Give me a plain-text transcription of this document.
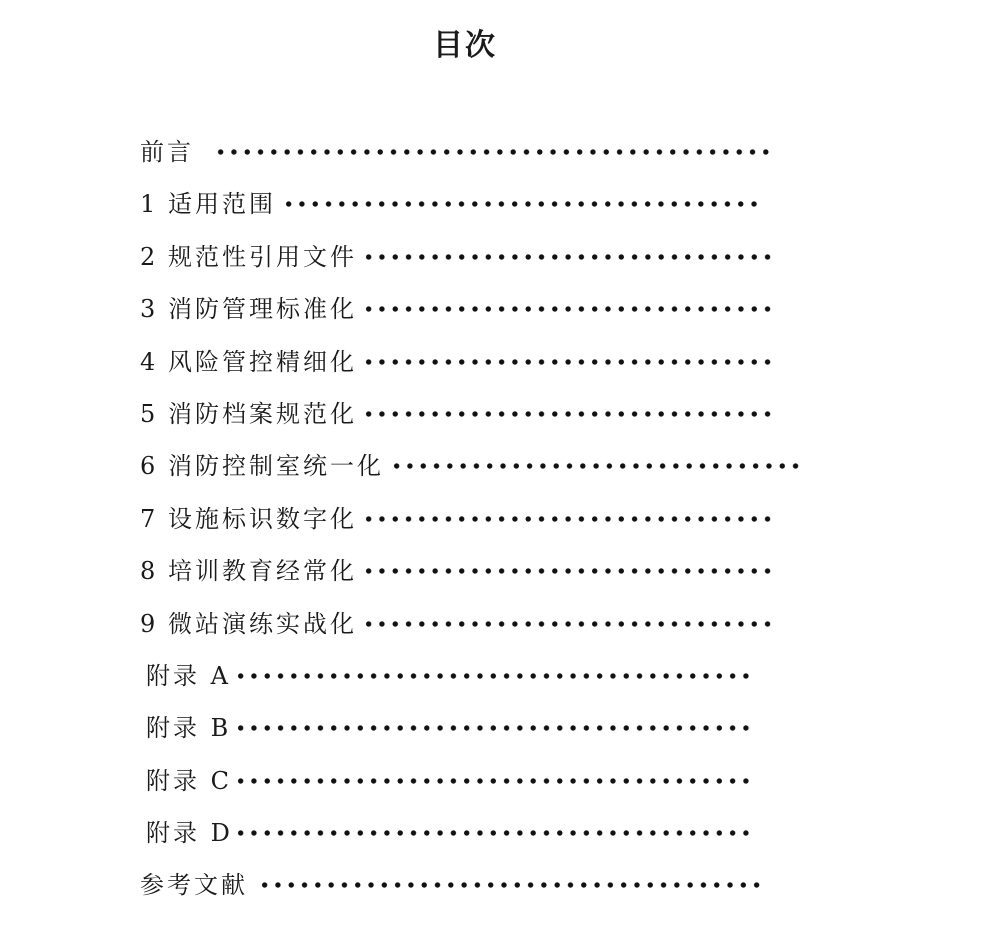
目次
前言
1 适用范围
2 规范性引用文件
3 消防管理标准化
4 风险管控精细化
5 消防档案规范化
6 消防控制室统一化
7 设施标识数字化
8 培训教育经常化
9 微站演练实战化
附录 A
附录 B
附录 C
附录 D
参考文献
